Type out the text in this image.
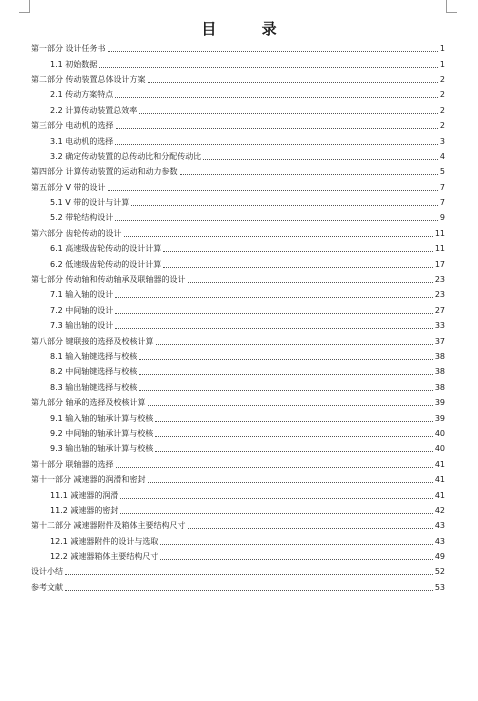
目 录
第一部分 设计任务书	1
1.1 初始数据	1
第二部分 传动装置总体设计方案	2
2.1 传动方案特点	2
2.2 计算传动装置总效率	2
第三部分 电动机的选择	2
3.1 电动机的选择	3
3.2 确定传动装置的总传动比和分配传动比	4
第四部分 计算传动装置的运动和动力参数	5
第五部分 V 带的设计	7
5.1 V 带的设计与计算	7
5.2 带轮结构设计	9
第六部分 齿轮传动的设计	11
6.1 高速级齿轮传动的设计计算	11
6.2 低速级齿轮传动的设计计算	17
第七部分 传动轴和传动轴承及联轴器的设计	23
7.1 输入轴的设计	23
7.2 中间轴的设计	27
7.3 输出轴的设计	33
第八部分 键联接的选择及校核计算	37
8.1 输入轴键选择与校核	38
8.2 中间轴键选择与校核	38
8.3 输出轴键选择与校核	38
第九部分 轴承的选择及校核计算	39
9.1 输入轴的轴承计算与校核	39
9.2 中间轴的轴承计算与校核	40
9.3 输出轴的轴承计算与校核	40
第十部分 联轴器的选择	41
第十一部分 减速器的润滑和密封	41
11.1 减速器的润滑	41
11.2 减速器的密封	42
第十二部分 减速器附件及箱体主要结构尺寸	43
12.1 减速器附件的设计与选取	43
12.2 减速器箱体主要结构尺寸	49
设计小结	52
参考文献	53
